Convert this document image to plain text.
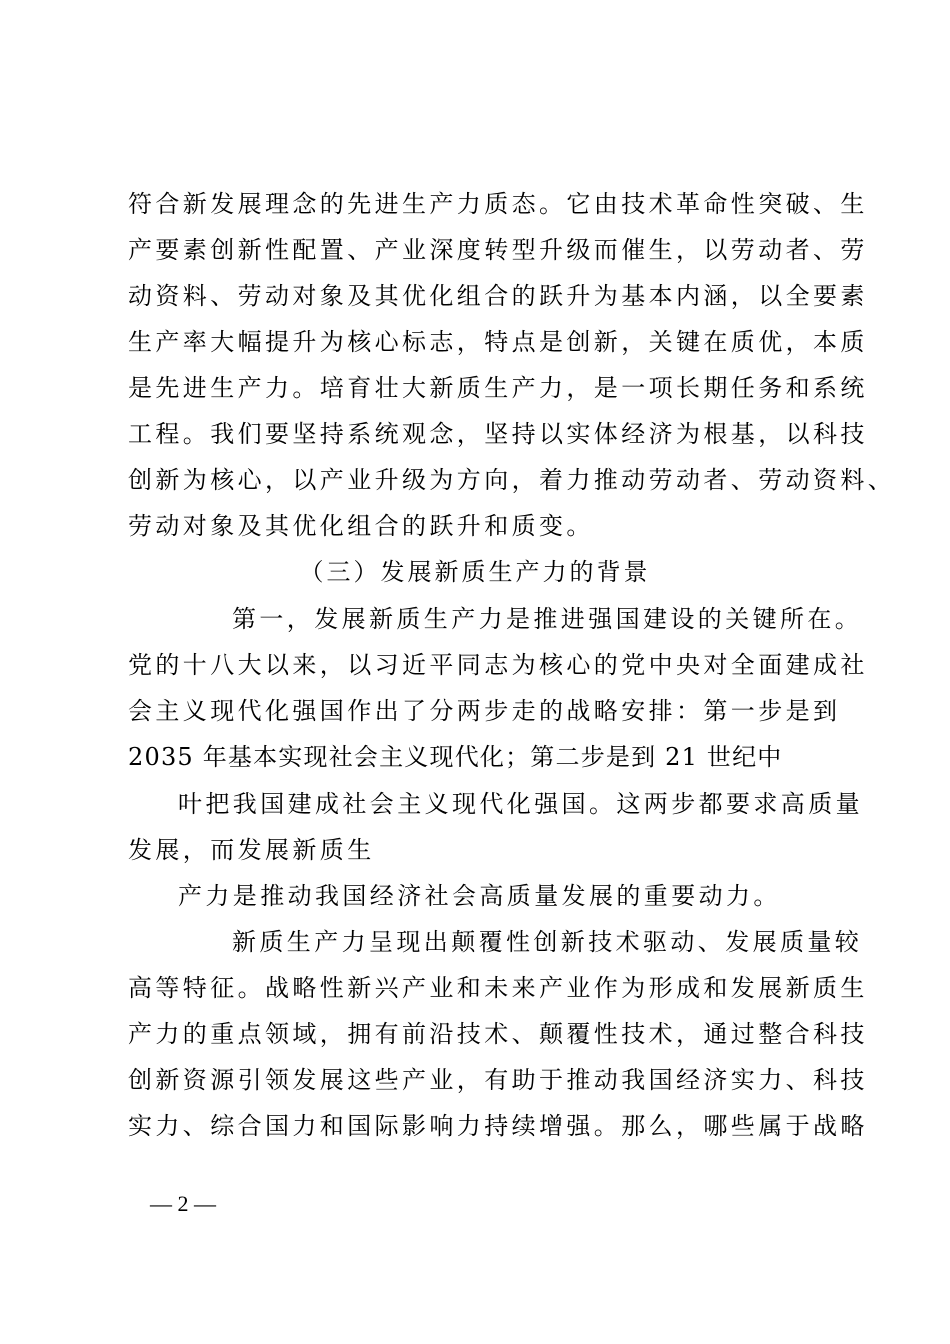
符合新发展理念的先进生产力质态。它由技术革命性突破、生
产要素创新性配置、产业深度转型升级而催生，以劳动者、劳
动资料、劳动对象及其优化组合的跃升为基本内涵，以全要素
生产率大幅提升为核心标志，特点是创新，关键在质优，本质
是先进生产力。培育壮大新质生产力，是一项长期任务和系统
工程。我们要坚持系统观念，坚持以实体经济为根基，以科技
创新为核心，以产业升级为方向，着力推动劳动者、劳动资料、
劳动对象及其优化组合的跃升和质变。
（三）发展新质生产力的背景
第一，发展新质生产力是推进强国建设的关键所在。
党的十八大以来，以习近平同志为核心的党中央对全面建成社
会主义现代化强国作出了分两步走的战略安排：第一步是到
2035 年基本实现社会主义现代化；第二步是到 21 世纪中
叶把我国建成社会主义现代化强国。这两步都要求高质量
发展，而发展新质生
产力是推动我国经济社会高质量发展的重要动力。
新质生产力呈现出颠覆性创新技术驱动、发展质量较
高等特征。战略性新兴产业和未来产业作为形成和发展新质生
产力的重点领域，拥有前沿技术、颠覆性技术，通过整合科技
创新资源引领发展这些产业，有助于推动我国经济实力、科技
实力、综合国力和国际影响力持续增强。那么，哪些属于战略
— 2 —
